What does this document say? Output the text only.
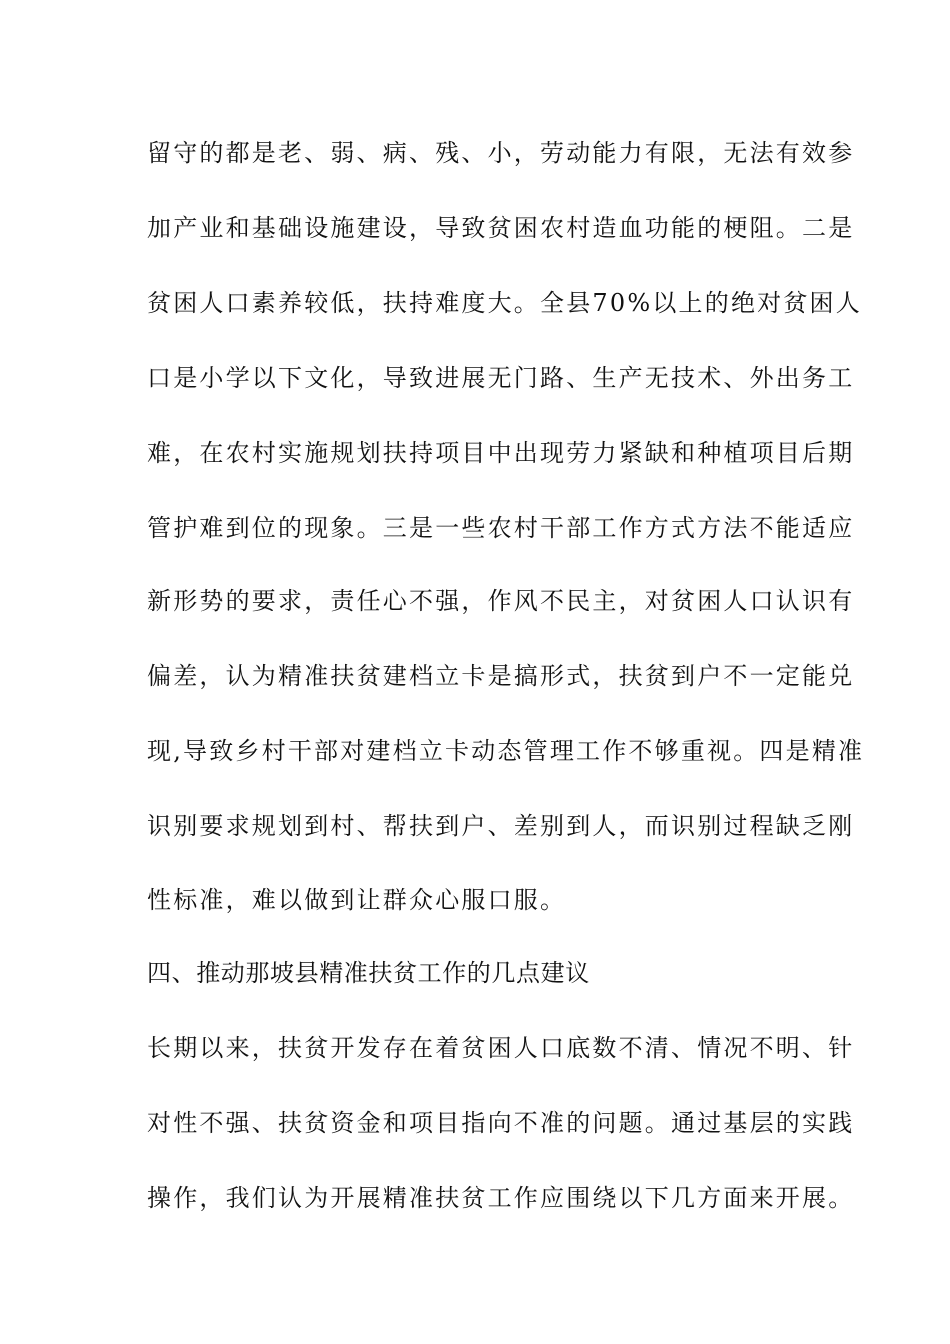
留守的都是老、弱、病、残、小，劳动能力有限，无法有效参
加产业和基础设施建设，导致贫困农村造血功能的梗阻。二是
贫困人口素养较低，扶持难度大。全县70%以上的绝对贫困人
口是小学以下文化，导致进展无门路、生产无技术、外出务工
难，在农村实施规划扶持项目中出现劳力紧缺和种植项目后期
管护难到位的现象。三是一些农村干部工作方式方法不能适应
新形势的要求，责任心不强，作风不民主，对贫困人口认识有
偏差，认为精准扶贫建档立卡是搞形式，扶贫到户不一定能兑
现,导致乡村干部对建档立卡动态管理工作不够重视。四是精准
识别要求规划到村、帮扶到户、差别到人，而识别过程缺乏刚
性标准，难以做到让群众心服口服。
四、推动那坡县精准扶贫工作的几点建议
长期以来，扶贫开发存在着贫困人口底数不清、情况不明、针
对性不强、扶贫资金和项目指向不准的问题。通过基层的实践
操作，我们认为开展精准扶贫工作应围绕以下几方面来开展。
